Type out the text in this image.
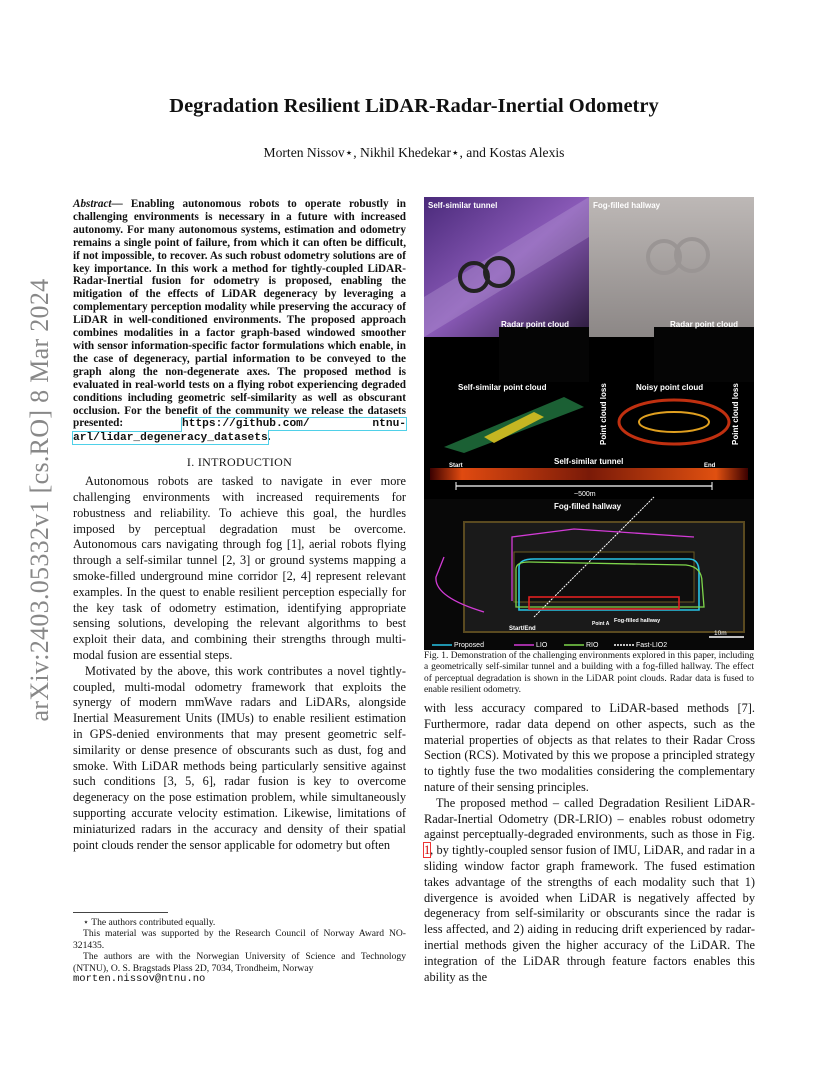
Degradation Resilient LiDAR-Radar-Inertial Odometry
Morten Nissov⋆, Nikhil Khedekar⋆, and Kostas Alexis
arXiv:2403.05332v1 [cs.RO] 8 Mar 2024
Abstract— Enabling autonomous robots to operate robustly in challenging environments is necessary in a future with increased autonomy. For many autonomous systems, estimation and odometry remains a single point of failure, from which it can often be difficult, if not impossible, to recover. As such robust odometry solutions are of key importance. In this work a method for tightly-coupled LiDAR-Radar-Inertial fusion for odometry is proposed, enabling the mitigation of the effects of LiDAR degeneracy by leveraging a complementary perception modality while preserving the accuracy of LiDAR in well-conditioned environments. The proposed approach combines modalities in a factor graph-based windowed smoother with sensor information-specific factor formulations which enable, in the case of degeneracy, partial information to be conveyed to the graph along the non-degenerate axes. The proposed method is evaluated in real-world tests on a flying robot experiencing degraded conditions including geometric self-similarity as well as obscurant occlusion. For the benefit of the community we release the datasets presented: https://github.com/	ntnu-arl/lidar_degeneracy_datasets.
I. INTRODUCTION

Autonomous robots are tasked to navigate in ever more challenging environments with increased requirements for robustness and reliability. To achieve this goal, the hurdles imposed by perceptual degradation must be overcome. Autonomous cars navigating through fog [1], aerial robots flying through a self-similar tunnel [2, 3] or ground systems mapping a smoke-filled underground mine corridor [2, 4] represent relevant examples. In the quest to enable resilient perception especially for the key task of odometry estimation, identifying appropriate sensing solutions, developing the relevant algorithms to best exploit their data, and combining their strengths through multi-modal fusion are essential steps.

Motivated by the above, this work contributes a novel tightly-coupled, multi-modal odometry framework that exploits the synergy of modern mmWave radars and LiDARs, alongside Inertial Measurement Units (IMUs) to enable resilient estimation in GPS-denied environments that may present geometric self-similarity or dense presence of obscurants such as dust, fog and smoke. With LiDAR methods being particularly sensitive against such conditions [3, 5, 6], radar fusion is key to overcome degeneracy on the pose estimation problem, while simultaneously supporting accurate velocity estimation. Likewise, limitations of miniaturized radars in the accuracy and density of their spatial point clouds render the sensor applicable for odometry but often

⋆ The authors contributed equally.

This material was supported by the Research Council of Norway Award NO-321435.

The authors are with the Norwegian University of Science and Technology (NTNU), O. S. Bragstads Plass 2D, 7034, Trondheim, Norway

morten.nissov@ntnu.no
Self-similar tunnel	Fog-filled hallway
Radar point cloud	Radar point cloud
Self-similar point cloud	Noisy point cloud
Point cloud loss	Point cloud loss
Self-similar tunnel
Start	End
~500m
Fog-filled hallway
Fog-filled hallway
Point A
Start/End
10m
Proposed	LIO	RIO	Fast-LIO2
Fig. 1. Demonstration of the challenging environments explored in this paper, including a geometrically self-similar tunnel and a building with a fog-filled hallway. The effect of perceptual degradation is shown in the LiDAR point clouds. Radar data is fused to enable resilient odometry.

with less accuracy compared to LiDAR-based methods [7]. Furthermore, radar data depend on other aspects, such as the material properties of objects as that relates to their Radar Cross Section (RCS). Motivated by this we propose a principled strategy to tightly fuse the two modalities considering the complementary nature of their sensing principles.

The proposed method – called Degradation Resilient LiDAR-Radar-Inertial Odometry (DR-LRIO) – enables robust odometry against perceptually-degraded environments, such as those in Fig. 1, by tightly-coupled sensor fusion of IMU, LiDAR, and radar in a sliding window factor graph framework. The fused estimation takes advantage of the strengths of each modality such that 1) divergence is avoided when LiDAR is negatively affected by degeneracy from self-similarity or obscurants since the radar is less affected, and 2) aiding in reducing drift experienced by radar-inertial methods given the higher accuracy of the LiDAR. The integration of the LiDAR through feature factors enables this ability as the
